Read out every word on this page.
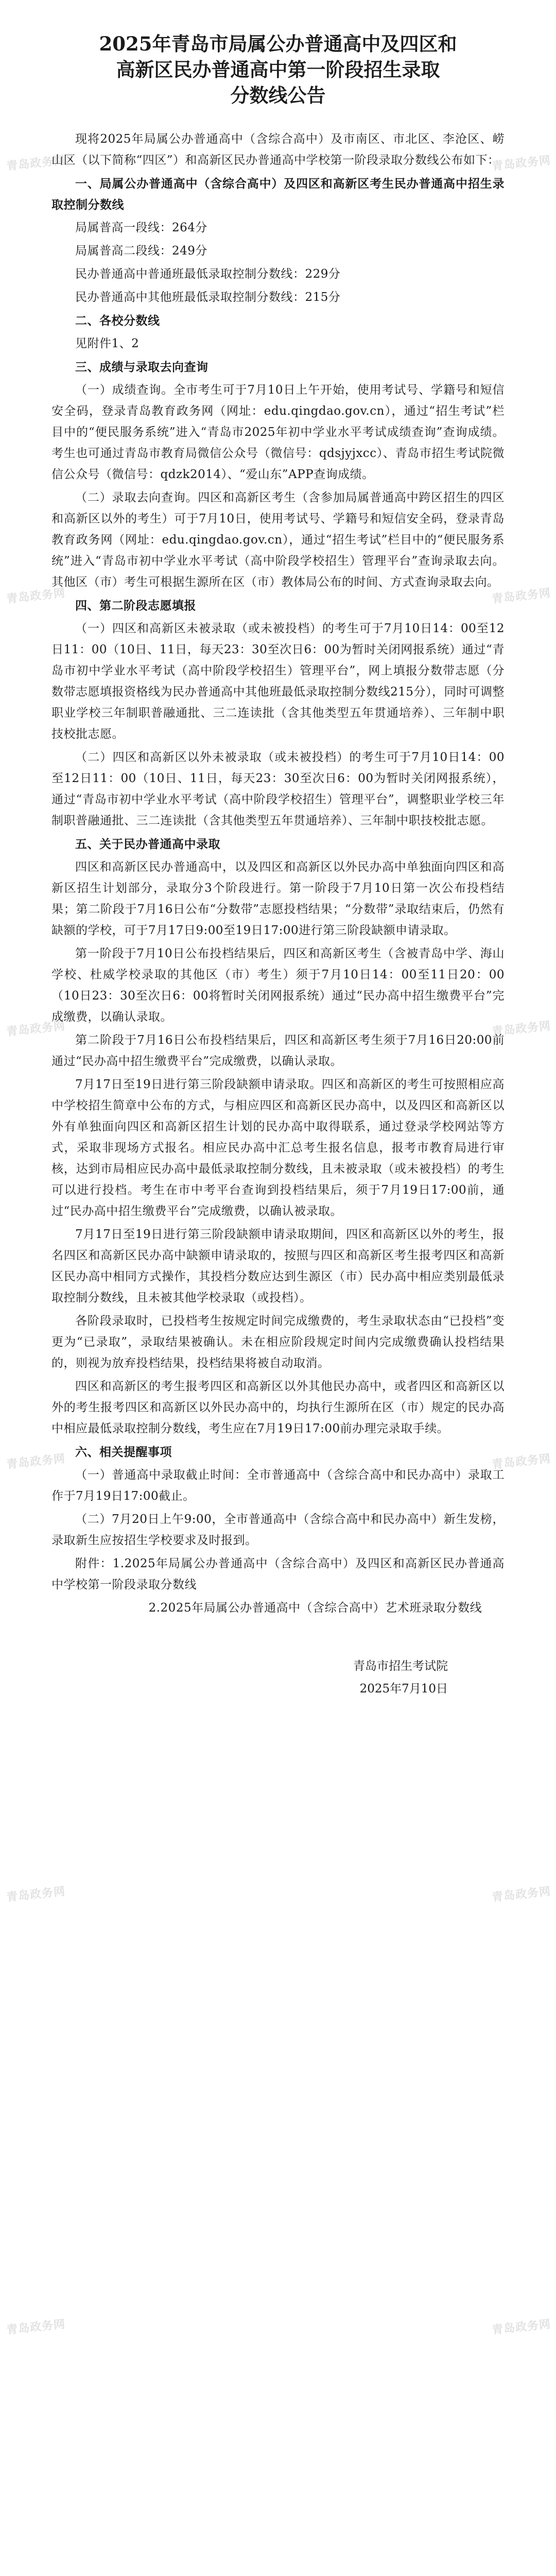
青岛政务网	青岛政务网
青岛政务网	青岛政务网
青岛政务网	青岛政务网
青岛政务网	青岛政务网
青岛政务网	青岛政务网
青岛政务网	青岛政务网
2025年青岛市局属公办普通高中及四区和
高新区民办普通高中第一阶段招生录取
分数线公告

现将2025年局属公办普通高中（含综合高中）及市南区、市北区、李沧区、崂山区（以下简称“四区”）和高新区民办普通高中学校第一阶段录取分数线公布如下：

一、局属公办普通高中（含综合高中）及四区和高新区考生民办普通高中招生录取控制分数线

局属普高一段线：264分

局属普高二段线：249分

民办普通高中普通班最低录取控制分数线：229分

民办普通高中其他班最低录取控制分数线：215分

二、各校分数线

见附件1、2

三、成绩与录取去向查询

（一）成绩查询。全市考生可于7月10日上午开始，使用考试号、学籍号和短信安全码，登录青岛教育政务网（网址：edu.qingdao.gov.cn），通过“招生考试”栏目中的“便民服务系统”进入“青岛市2025年初中学业水平考试成绩查询”查询成绩。考生也可通过青岛市教育局微信公众号（微信号：qdsjyjxcc）、青岛市招生考试院微信公众号（微信号：qdzk2014）、“爱山东”APP查询成绩。

（二）录取去向查询。四区和高新区考生（含参加局属普通高中跨区招生的四区和高新区以外的考生）可于7月10日，使用考试号、学籍号和短信安全码，登录青岛教育政务网（网址：edu.qingdao.gov.cn），通过“招生考试”栏目中的“便民服务系统”进入“青岛市初中学业水平考试（高中阶段学校招生）管理平台”查询录取去向。其他区（市）考生可根据生源所在区（市）教体局公布的时间、方式查询录取去向。

四、第二阶段志愿填报

（一）四区和高新区未被录取（或未被投档）的考生可于7月10日14：00至12日11：00（10日、11日，每天23：30至次日6：00为暂时关闭网报系统）通过“青岛市初中学业水平考试（高中阶段学校招生）管理平台”，网上填报分数带志愿（分数带志愿填报资格线为民办普通高中其他班最低录取控制分数线215分），同时可调整职业学校三年制职普融通批、三二连读批（含其他类型五年贯通培养）、三年制中职技校批志愿。

（二）四区和高新区以外未被录取（或未被投档）的考生可于7月10日14：00至12日11：00（10日、11日，每天23：30至次日6：00为暂时关闭网报系统），通过“青岛市初中学业水平考试（高中阶段学校招生）管理平台”，调整职业学校三年制职普融通批、三二连读批（含其他类型五年贯通培养）、三年制中职技校批志愿。

五、关于民办普通高中录取

四区和高新区民办普通高中，以及四区和高新区以外民办高中单独面向四区和高新区招生计划部分，录取分3个阶段进行。第一阶段于7月10日第一次公布投档结果；第二阶段于7月16日公布“分数带”志愿投档结果；“分数带”录取结束后，仍然有缺额的学校，可于7月17日9:00至19日17:00进行第三阶段缺额申请录取。

第一阶段于7月10日公布投档结果后，四区和高新区考生（含被青岛中学、海山学校、杜威学校录取的其他区（市）考生）须于7月10日14：00至11日20：00（10日23：30至次日6：00将暂时关闭网报系统）通过“民办高中招生缴费平台”完成缴费，以确认录取。

第二阶段于7月16日公布投档结果后，四区和高新区考生须于7月16日20:00前通过“民办高中招生缴费平台”完成缴费，以确认录取。

7月17日至19日进行第三阶段缺额申请录取。四区和高新区的考生可按照相应高中学校招生简章中公布的方式，与相应四区和高新区民办高中，以及四区和高新区以外有单独面向四区和高新区招生计划的民办高中取得联系，通过登录学校网站等方式，采取非现场方式报名。相应民办高中汇总考生报名信息，报考市教育局进行审核，达到市局相应民办高中最低录取控制分数线，且未被录取（或未被投档）的考生可以进行投档。考生在市中考平台查询到投档结果后，须于7月19日17:00前，通过“民办高中招生缴费平台”完成缴费，以确认被录取。

7月17日至19日进行第三阶段缺额申请录取期间，四区和高新区以外的考生，报名四区和高新区民办高中缺额申请录取的，按照与四区和高新区考生报考四区和高新区民办高中相同方式操作，其投档分数应达到生源区（市）民办高中相应类别最低录取控制分数线，且未被其他学校录取（或投档）。

各阶段录取时，已投档考生按规定时间完成缴费的，考生录取状态由“已投档”变更为“已录取”，录取结果被确认。未在相应阶段规定时间内完成缴费确认投档结果的，则视为放弃投档结果，投档结果将被自动取消。

四区和高新区的考生报考四区和高新区以外其他民办高中，或者四区和高新区以外的考生报考四区和高新区以外民办高中的，均执行生源所在区（市）规定的民办高中相应最低录取控制分数线，考生应在7月19日17:00前办理完录取手续。

六、相关提醒事项

（一）普通高中录取截止时间：全市普通高中（含综合高中和民办高中）录取工作于7月19日17:00截止。

（二）7月20日上午9:00，全市普通高中（含综合高中和民办高中）新生发榜，录取新生应按招生学校要求及时报到。

附件：1.2025年局属公办普通高中（含综合高中）及四区和高新区民办普通高中学校第一阶段录取分数线

2.2025年局属公办普通高中（含综合高中）艺术班录取分数线

青岛市招生考试院
2025年7月10日
